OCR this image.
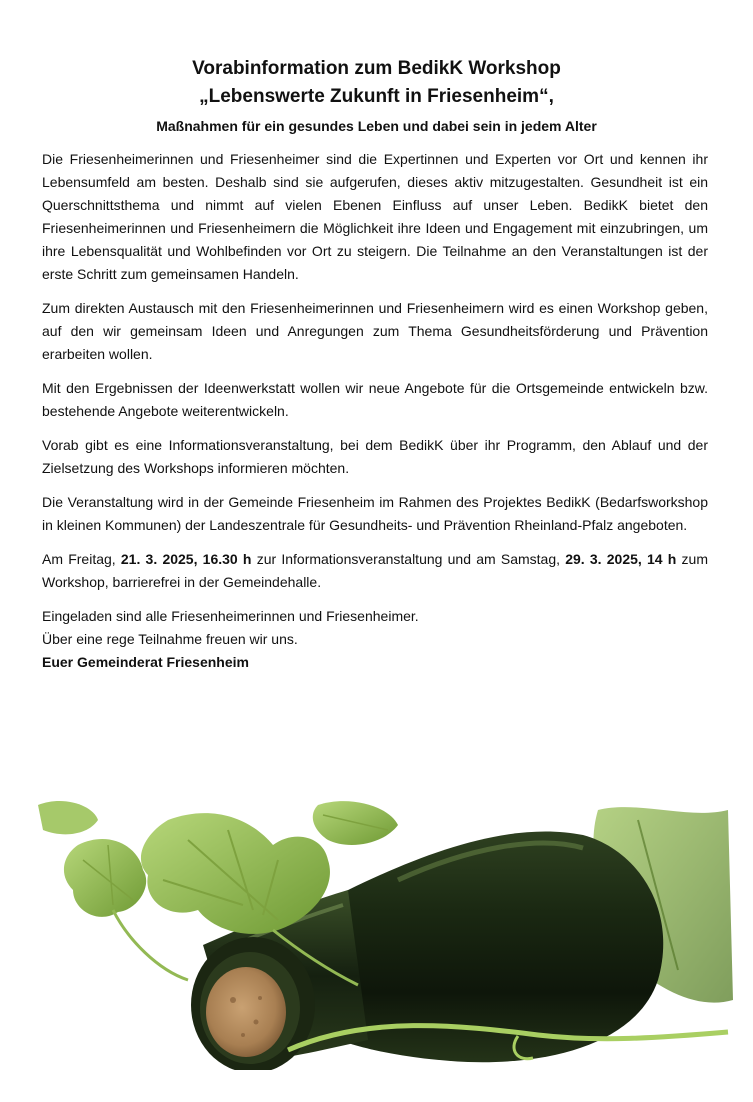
Vorabinformation zum BedikK Workshop
„Lebenswerte Zukunft in Friesenheim“,
Maßnahmen für ein gesundes Leben und dabei sein in jedem Alter

Die Friesenheimerinnen und Friesenheimer sind die Expertinnen und Experten vor Ort und kennen ihr Lebensumfeld am besten. Deshalb sind sie aufgerufen, dieses aktiv mitzugestalten. Gesundheit ist ein Querschnittsthema und nimmt auf vielen Ebenen Einfluss auf unser Leben. BedikK bietet den Friesenheimerinnen und Friesenheimern die Möglichkeit ihre Ideen und Engagement mit einzubringen, um ihre Lebensqualität und Wohlbefinden vor Ort zu steigern. Die Teilnahme an den Veranstaltungen ist der erste Schritt zum gemeinsamen Handeln.

Zum direkten Austausch mit den Friesenheimerinnen und Friesenheimern wird es einen Workshop geben, auf den wir gemeinsam Ideen und Anregungen zum Thema Gesundheitsförderung und Prävention erarbeiten wollen.

Mit den Ergebnissen der Ideenwerkstatt wollen wir neue Angebote für die Ortsgemeinde entwickeln bzw. bestehende Angebote weiterentwickeln.

Vorab gibt es eine Informationsveranstaltung, bei dem BedikK über ihr Programm, den Ablauf und der Zielsetzung des Workshops informieren möchten.

Die Veranstaltung wird in der Gemeinde Friesenheim im Rahmen des Projektes BedikK (Bedarfsworkshop in kleinen Kommunen) der Landeszentrale für Gesundheits- und Prävention Rheinland-Pfalz angeboten.

Am Freitag, 21. 3. 2025, 16.30 h zur Informationsveranstaltung und am Samstag, 29. 3. 2025, 14 h zum Workshop, barrierefrei in der Gemeindehalle.

Eingeladen sind alle Friesenheimerinnen und Friesenheimer.
Über eine rege Teilnahme freuen wir uns.
Euer Gemeinderat Friesenheim
